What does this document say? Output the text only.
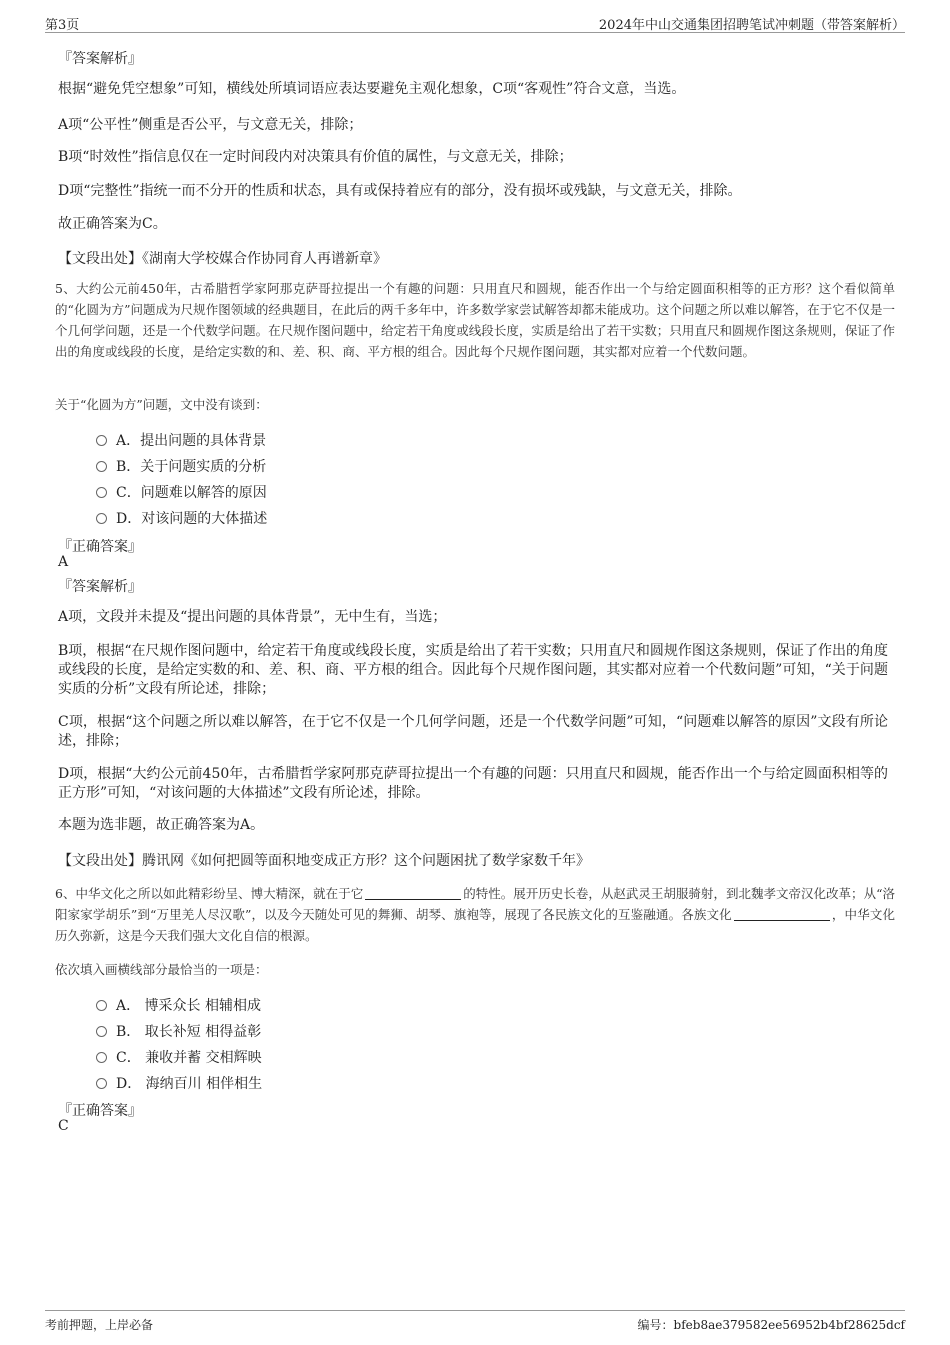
第3页	2024年中山交通集团招聘笔试冲刺题（带答案解析）
『答案解析』
根据“避免凭空想象”可知，横线处所填词语应表达要避免主观化想象，C项“客观性”符合文意，当选。
A项“公平性”侧重是否公平，与文意无关，排除；
B项“时效性”指信息仅在一定时间段内对决策具有价值的属性，与文意无关，排除；
D项“完整性”指统一而不分开的性质和状态，具有或保持着应有的部分，没有损坏或残缺，与文意无关，排除。
故正确答案为C。
【文段出处】《湖南大学校媒合作协同育人再谱新章》
5、大约公元前450年，古希腊哲学家阿那克萨哥拉提出一个有趣的问题：只用直尺和圆规，能否作出一个与给定圆面积相等的正方形？这个看似简单的“化圆为方”问题成为尺规作图领域的经典题目，在此后的两千多年中，许多数学家尝试解答却都未能成功。这个问题之所以难以解答，在于它不仅是一个几何学问题，还是一个代数学问题。在尺规作图问题中，给定若干角度或线段长度，实质是给出了若干实数；只用直尺和圆规作图这条规则，保证了作出的角度或线段的长度，是给定实数的和、差、积、商、平方根的组合。因此每个尺规作图问题，其实都对应着一个代数问题。
关于“化圆为方”问题，文中没有谈到：
A．提出问题的具体背景
B．关于问题实质的分析
C．问题难以解答的原因
D．对该问题的大体描述
『正确答案』
A
『答案解析』
A项，文段并未提及“提出问题的具体背景”，无中生有，当选；
B项，根据“在尺规作图问题中，给定若干角度或线段长度，实质是给出了若干实数；只用直尺和圆规作图这条规则，保证了作出的角度或线段的长度，是给定实数的和、差、积、商、平方根的组合。因此每个尺规作图问题，其实都对应着一个代数问题”可知，“关于问题实质的分析”文段有所论述，排除；
C项，根据“这个问题之所以难以解答，在于它不仅是一个几何学问题，还是一个代数学问题”可知，“问题难以解答的原因”文段有所论述，排除；
D项，根据“大约公元前450年，古希腊哲学家阿那克萨哥拉提出一个有趣的问题：只用直尺和圆规，能否作出一个与给定圆面积相等的正方形”可知，“对该问题的大体描述”文段有所论述，排除。
本题为选非题，故正确答案为A。
【文段出处】腾讯网《如何把圆等面积地变成正方形？这个问题困扰了数学家数千年》
6、中华文化之所以如此精彩纷呈、博大精深，就在于它	的特性。展开历史长卷，从赵武灵王胡服骑射，到北魏孝文帝汉化改革；从“洛阳家家学胡乐”到“万里羌人尽汉歌”，以及今天随处可见的舞狮、胡琴、旗袍等，展现了各民族文化的互鉴融通。各族文化	，中华文化历久弥新，这是今天我们强大文化自信的根源。
依次填入画横线部分最恰当的一项是：
A． 博采众长 相辅相成
B． 取长补短 相得益彰
C． 兼收并蓄 交相辉映
D． 海纳百川 相伴相生
『正确答案』
C
考前押题，上岸必备	编号：bfeb8ae379582ee56952b4bf28625dcf
